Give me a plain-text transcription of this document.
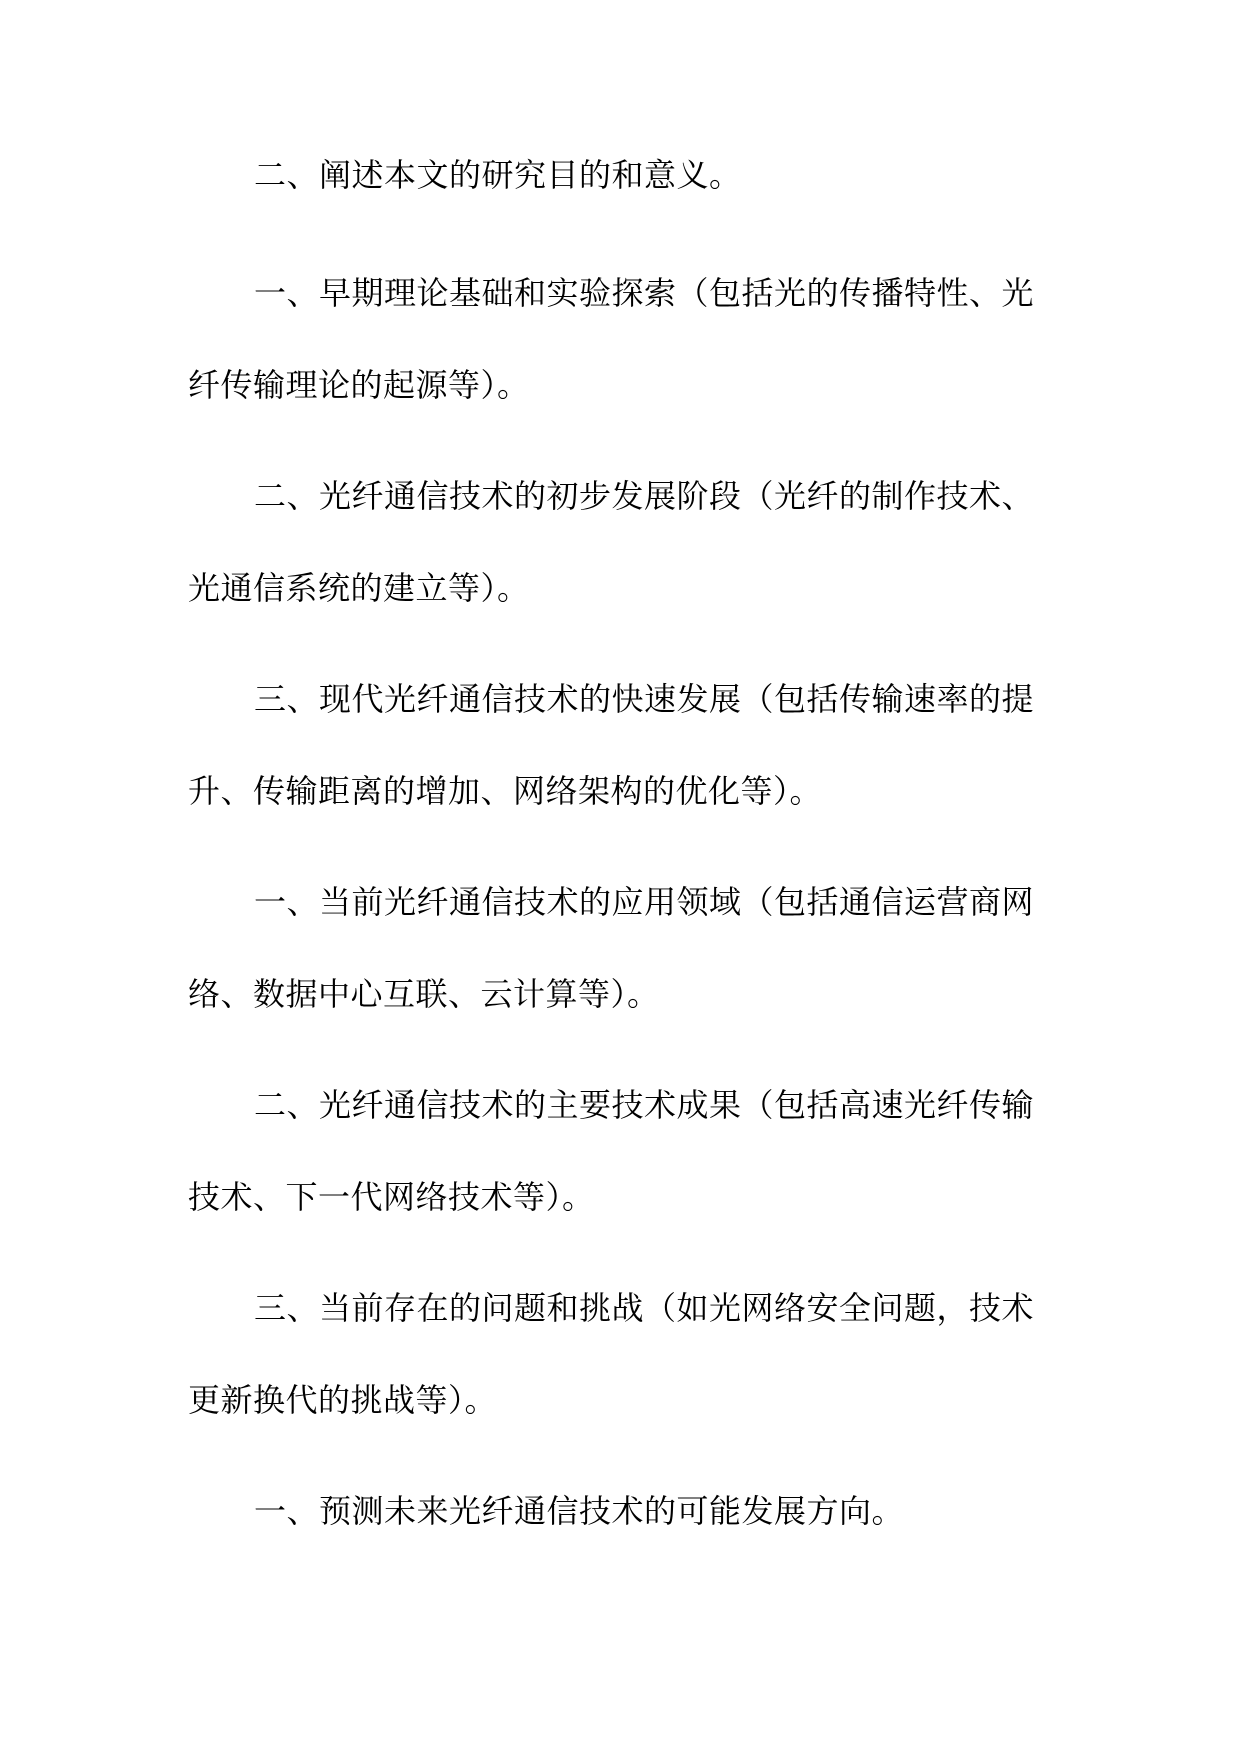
二、阐述本文的研究目的和意义。

一、早期理论基础和实验探索（包括光的传播特性、光纤传输理论的起源等）。

二、光纤通信技术的初步发展阶段（光纤的制作技术、光通信系统的建立等）。

三、现代光纤通信技术的快速发展（包括传输速率的提升、传输距离的增加、网络架构的优化等）。

一、当前光纤通信技术的应用领域（包括通信运营商网络、数据中心互联、云计算等）。

二、光纤通信技术的主要技术成果（包括高速光纤传输技术、下一代网络技术等）。

三、当前存在的问题和挑战（如光网络安全问题，技术更新换代的挑战等）。

一、预测未来光纤通信技术的可能发展方向。
